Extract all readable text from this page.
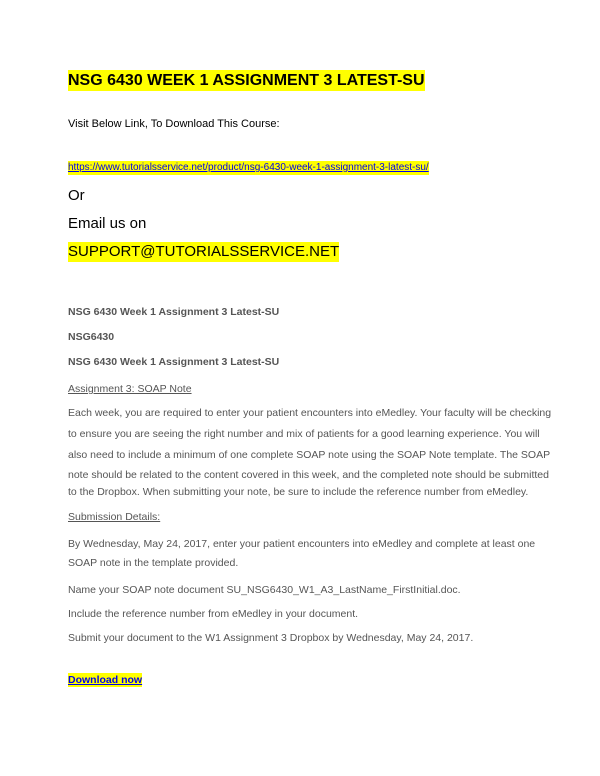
NSG 6430 WEEK 1 ASSIGNMENT 3 LATEST-SU
Visit Below Link, To Download This Course:
https://www.tutorialsservice.net/product/nsg-6430-week-1-assignment-3-latest-su/
Or
Email us on
SUPPORT@TUTORIALSSERVICE.NET
NSG 6430 Week 1 Assignment 3 Latest-SU
NSG6430
NSG 6430 Week 1 Assignment 3 Latest-SU
Assignment 3: SOAP Note
Each week, you are required to enter your patient encounters into eMedley. Your faculty will be checking
to ensure you are seeing the right number and mix of patients for a good learning experience. You will
also need to include a minimum of one complete SOAP note using the SOAP Note template. The SOAP
note should be related to the content covered in this week, and the completed note should be submitted
to the Dropbox. When submitting your note, be sure to include the reference number from eMedley.
Submission Details:
By Wednesday, May 24, 2017, enter your patient encounters into eMedley and complete at least one
SOAP note in the template provided.
Name your SOAP note document SU_NSG6430_W1_A3_LastName_FirstInitial.doc.
Include the reference number from eMedley in your document.
Submit your document to the W1 Assignment 3 Dropbox by Wednesday, May 24, 2017.
Download now
